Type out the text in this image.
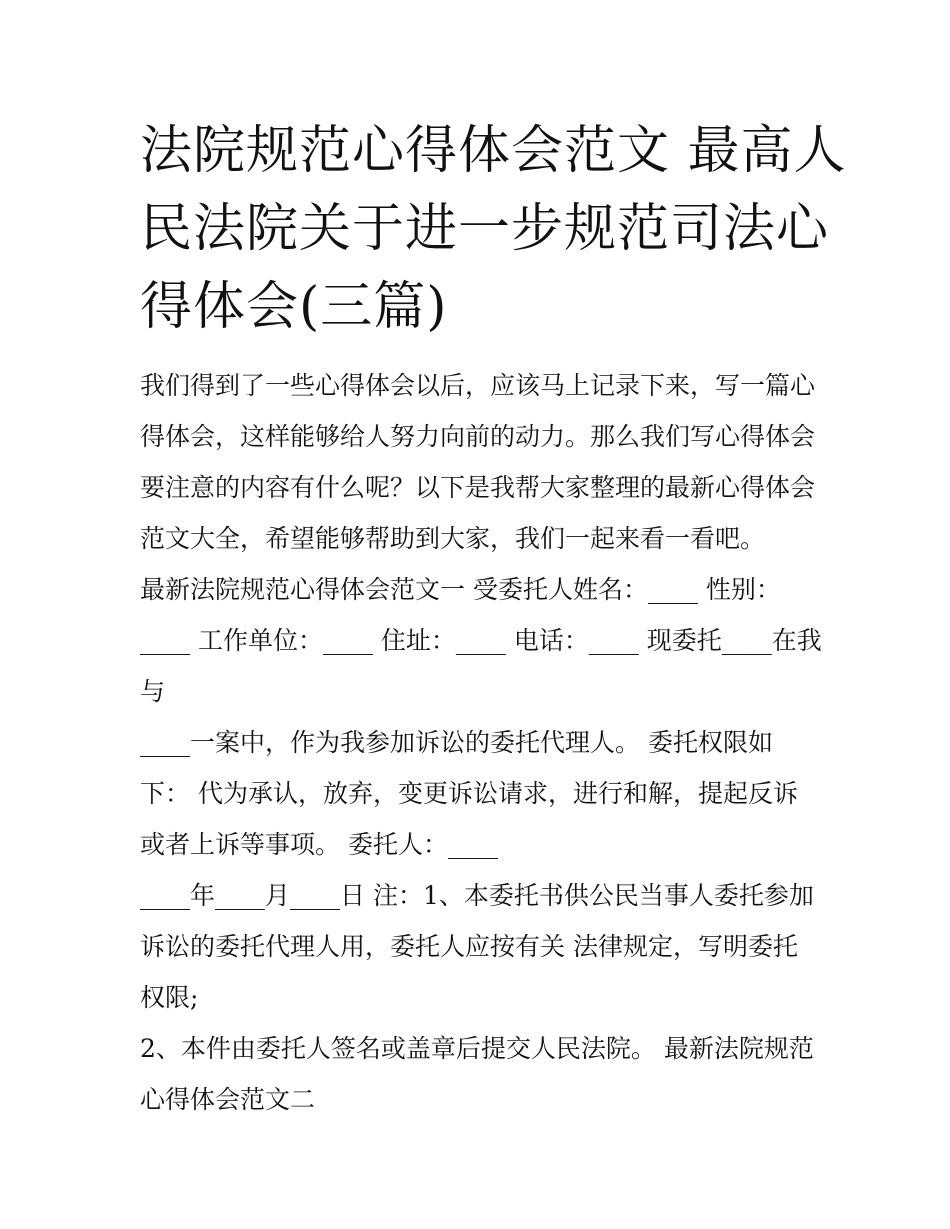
法院规范心得体会范文 最高人
民法院关于进一步规范司法心
得体会(三篇)
我们得到了一些心得体会以后，应该马上记录下来，写一篇心
得体会，这样能够给人努力向前的动力。那么我们写心得体会
要注意的内容有什么呢？以下是我帮大家整理的最新心得体会
范文大全，希望能够帮助到大家，我们一起来看一看吧。
最新法院规范心得体会范文一 受委托人姓名：____ 性别：
____ 工作单位：____ 住址：____ 电话：____ 现委托____在我
与
____一案中，作为我参加诉讼的委托代理人。 委托权限如
下： 代为承认，放弃，变更诉讼请求，进行和解，提起反诉
或者上诉等事项。 委托人：____
____年____月____日 注：1、本委托书供公民当事人委托参加
诉讼的委托代理人用，委托人应按有关 法律规定，写明委托
权限;
2、本件由委托人签名或盖章后提交人民法院。 最新法院规范
心得体会范文二
